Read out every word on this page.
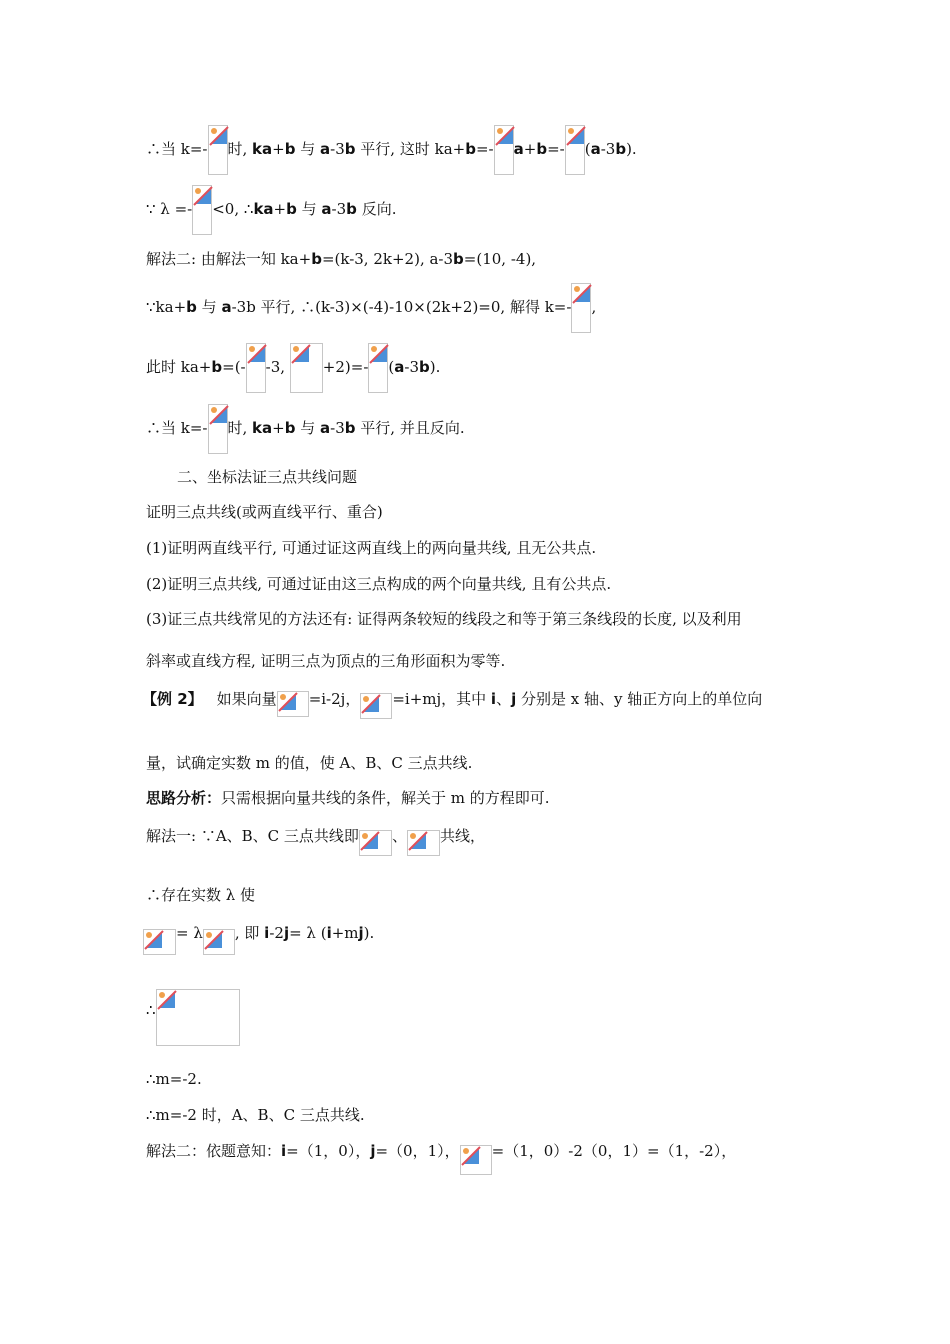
∴当 k=- 时, ka+b 与 a-3b 平行, 这时 ka+b=- a+b=- (a-3b).
∵ λ =- <0, ∴ka+b 与 a-3b 反向.
解法二: 由解法一知 ka+b=(k-3, 2k+2), a-3b=(10, -4),
∵ka+b 与 a-3b 平行, ∴(k-3)×(-4)-10×(2k+2)=0, 解得 k=- ,
此时 ka+b=(- -3,
+2)=- (a-3b).
∴当 k=- 时, ka+b 与 a-3b 平行, 并且反向.
二、坐标法证三点共线问题
证明三点共线(或两直线平行、重合)
(1)证明两直线平行, 可通过证这两直线上的两向量共线, 且无公共点.
(2)证明三点共线, 可通过证由这三点构成的两个向量共线, 且有公共点.
(3)证三点共线常见的方法还有: 证得两条较短的线段之和等于第三条线段的长度, 以及利用
斜率或直线方程, 证明三点为顶点的三角形面积为零等.
【例 2】 如果向量 =i-2j， =i+mj，其中 i、j 分别是 x 轴、y 轴正方向上的单位向
量，试确定实数 m 的值，使 A、B、C 三点共线.
思路分析：只需根据向量共线的条件，解关于 m 的方程即可.
解法一: ∵A、B、C 三点共线即 、 共线，
∴存在实数 λ 使
= λ , 即 i-2j= λ (i+mj).
∴
∴m=-2.
∴m=-2 时，A、B、C 三点共线.
解法二：依题意知：i=（1，0），j=（0，1）， =（1，0）-2（0，1）=（1，-2），
